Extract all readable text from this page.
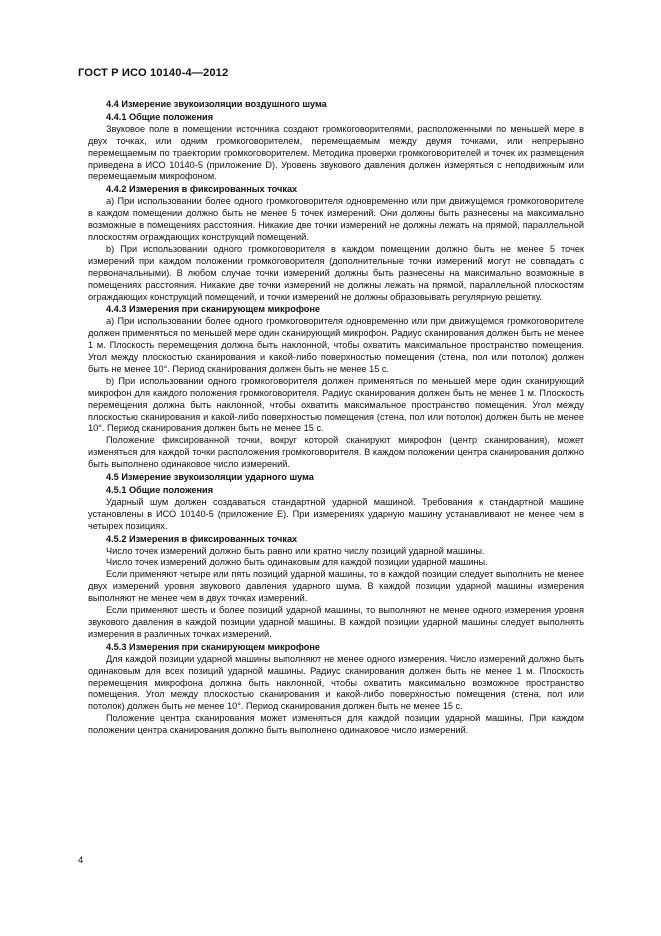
ГОСТ Р ИСО 10140-4—2012

4.4 Измерение звукоизоляции воздушного шума

4.4.1 Общие положения

Звуковое поле в помещении источника создают громкоговорителями, расположенными по меньшей мере в двух точках, или одним громкоговорителем, перемещаемым между двумя точками, или непрерывно перемещаемым по траектории громкоговорителем. Методика проверки громкоговорителей и точек их размещения приведена в ИСО 10140-5 (приложение D). Уровень звукового давления должен измеряться с неподвижным или перемещаемым микрофоном.

4.4.2 Измерения в фиксированных точках

а) При использовании более одного громкоговорителя одновременно или при движущемся громкоговорителе в каждом помещении должно быть не менее 5 точек измерений. Они должны быть разнесены на максимально возможные в помещениях расстояния. Никакие две точки измерений не должны лежать на прямой, параллельной плоскостям ограждающих конструкций помещений.

b) При использовании одного громкоговорителя в каждом помещении должно быть не менее 5 точек измерений при каждом положении громкоговорителя (дополнительные точки измерений могут не совпадать с первоначальными). В любом случае точки измерений должны быть разнесены на максимально возможные в помещениях расстояния. Никакие две точки измерений не должны лежать на прямой, параллельной плоскостям ограждающих конструкций помещений, и точки измерений не должны образовывать регулярную решетку.

4.4.3 Измерения при сканирующем микрофоне

а) При использовании более одного громкоговорителя одновременно или при движущемся громкоговорителе должен применяться по меньшей мере один сканирующий микрофон. Радиус сканирования должен быть не менее 1 м. Плоскость перемещения должна быть наклонной, чтобы охватить максимальное пространство помещения. Угол между плоскостью сканирования и какой-либо поверхностью помещения (стена, пол или потолок) должен быть не менее 10°. Период сканирования должен быть не менее 15 с.

b) При использовании одного громкоговорителя должен применяться по меньшей мере один сканирующий микрофон для каждого положения громкоговорителя. Радиус сканирования должен быть не менее 1 м. Плоскость перемещения должна быть наклонной, чтобы охватить максимальное пространство помещения. Угол между плоскостью сканирования и какой-либо поверхностью помещения (стена, пол или потолок) должен быть не менее 10°. Период сканирования должен быть не менее 15 с.

Положение фиксированной точки, вокруг которой сканируют микрофон (центр сканирования), может изменяться для каждой точки расположения громкоговорителя. В каждом положении центра сканирования должно быть выполнено одинаковое число измерений.

4.5 Измерение звукоизоляции ударного шума

4.5.1 Общие положения

Ударный шум должен создаваться стандартной ударной машиной. Требования к стандартной машине установлены в ИСО 10140-5 (приложение Е). При измерениях ударную машину устанавливают не менее чем в четырех позициях.

4.5.2 Измерения в фиксированных точках

Число точек измерений должно быть равно или кратно числу позиций ударной машины.

Число точек измерений должно быть одинаковым для каждой позиции ударной машины.

Если применяют четыре или пять позиций ударной машины, то в каждой позиции следует выполнить не менее двух измерений уровня звукового давления ударного шума. В каждой позиции ударной машины измерения выполняют не менее чем в двух точках измерений.

Если применяют шесть и более позиций ударной машины, то выполняют не менее одного измерения уровня звукового давления в каждой позиции ударной машины. В каждой позиции ударной машины следует выполнять измерения в различных точках измерений.

4.5.3 Измерения при сканирующем микрофоне

Для каждой позиции ударной машины выполняют не менее одного измерения. Число измерений должно быть одинаковым для всех позиций ударной машины. Радиус сканирования должен быть не менее 1 м. Плоскость перемещения микрофона должна быть наклонной, чтобы охватить максимально возможное пространство помещения. Угол между плоскостью сканирования и какой-либо поверхностью помещения (стена, пол или потолок) должен быть не менее 10°. Период сканирования должен быть не менее 15 с.

Положение центра сканирования может изменяться для каждой позиции ударной машины. При каждом положении центра сканирования должно быть выполнено одинаковое число измерений.

4
